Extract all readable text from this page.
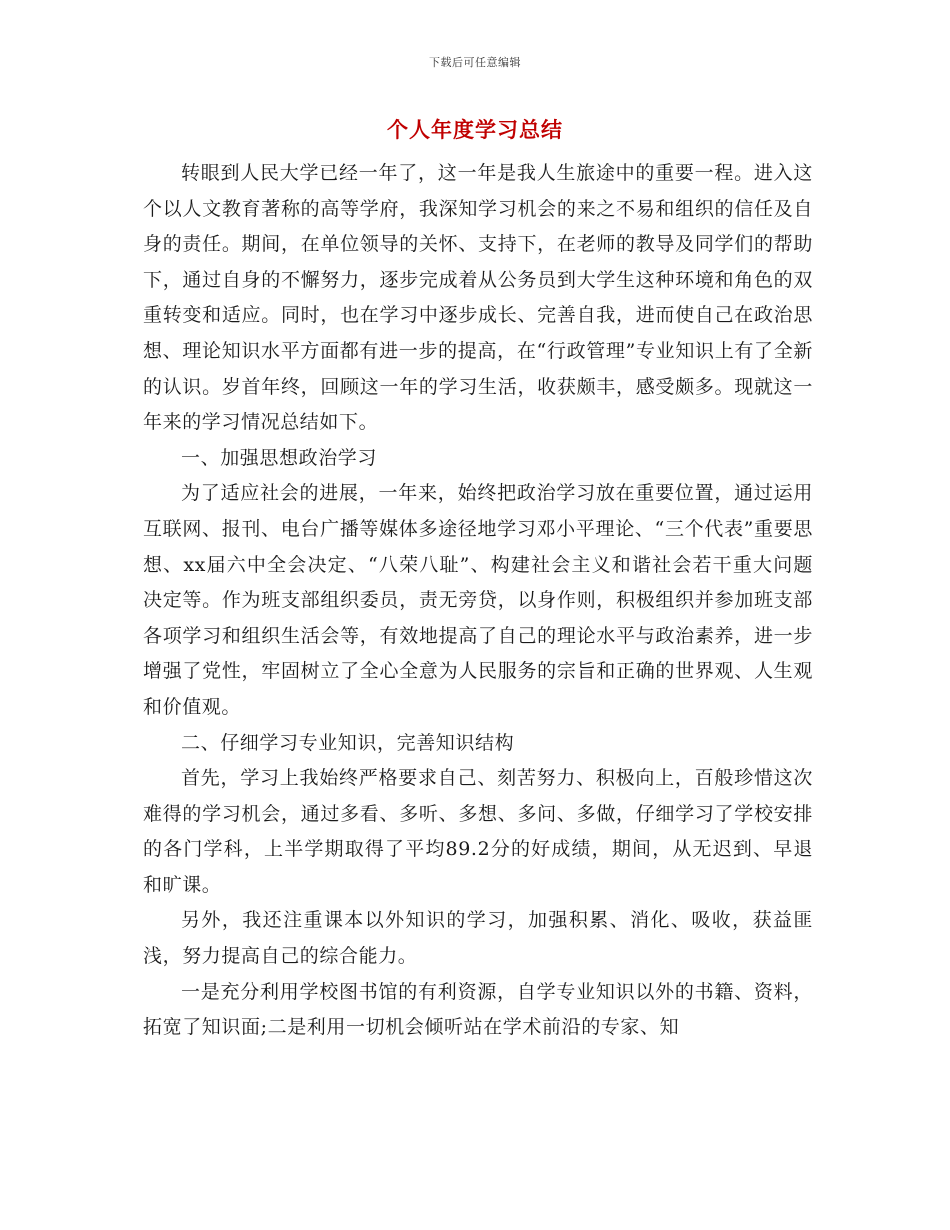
下载后可任意编辑
个人年度学习总结

转眼到人民大学已经一年了，这一年是我人生旅途中的重要一程。进入这个以人文教育著称的高等学府，我深知学习机会的来之不易和组织的信任及自身的责任。期间，在单位领导的关怀、支持下，在老师的教导及同学们的帮助下，通过自身的不懈努力，逐步完成着从公务员到大学生这种环境和角色的双重转变和适应。同时，也在学习中逐步成长、完善自我，进而使自己在政治思想、理论知识水平方面都有进一步的提高，在“行政管理”专业知识上有了全新的认识。岁首年终，回顾这一年的学习生活，收获颇丰，感受颇多。现就这一年来的学习情况总结如下。

一、加强思想政治学习

为了适应社会的进展，一年来，始终把政治学习放在重要位置，通过运用互联网、报刊、电台广播等媒体多途径地学习邓小平理论、“三个代表”重要思想、xx届六中全会决定、“八荣八耻”、构建社会主义和谐社会若干重大问题决定等。作为班支部组织委员，责无旁贷，以身作则，积极组织并参加班支部各项学习和组织生活会等，有效地提高了自己的理论水平与政治素养，进一步增强了党性，牢固树立了全心全意为人民服务的宗旨和正确的世界观、人生观和价值观。

二、仔细学习专业知识，完善知识结构

首先，学习上我始终严格要求自己、刻苦努力、积极向上，百般珍惜这次难得的学习机会，通过多看、多听、多想、多问、多做，仔细学习了学校安排的各门学科，上半学期取得了平均89.2分的好成绩，期间，从无迟到、早退和旷课。

另外，我还注重课本以外知识的学习，加强积累、消化、吸收，获益匪浅，努力提高自己的综合能力。

一是充分利用学校图书馆的有利资源，自学专业知识以外的书籍、资料，拓宽了知识面;二是利用一切机会倾听站在学术前沿的专家、知
